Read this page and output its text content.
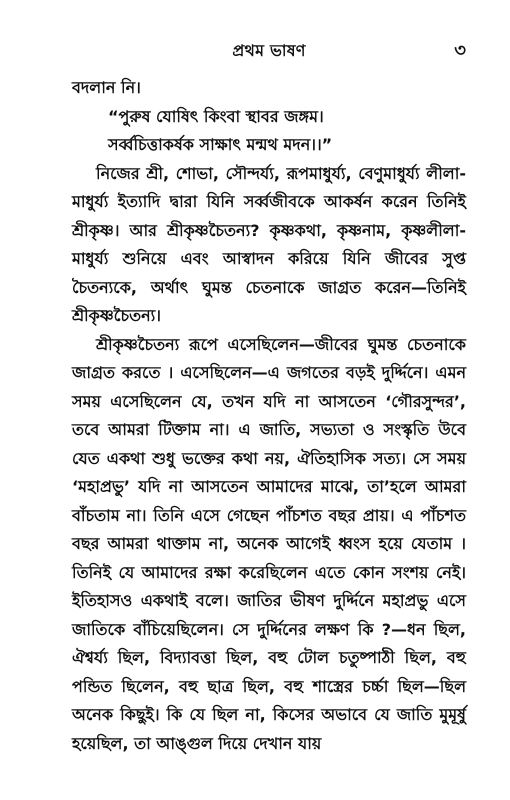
প্রথম ভাষণ	৩

বদলান নি।

“পুরুষ যোষিৎ কিংবা স্থাবর জঙ্গম।

সর্ব্বচিত্তাকর্ষক সাক্ষাৎ মন্মথ মদন।।”

নিজের শ্রী, শোভা, সৌন্দর্য্য, রূপমাধুর্য্য, বেণুমাধুর্য্য লীলা-মাধুর্য্য ইত্যাদি দ্বারা যিনি সর্ব্বজীবকে আকর্ষন করেন তিনিই শ্রীকৃষ্ণ। আর শ্রীকৃষ্ণচৈতন্য? কৃষ্ণকথা, কৃষ্ণনাম, কৃষ্ণলীলা-মাধুর্য্য শুনিয়ে এবং আস্বাদন করিয়ে যিনি জীবের সুপ্ত চৈতন্যকে, অর্থাৎ ঘুমন্ত চেতনাকে জাগ্রত করেন—তিনিই শ্রীকৃষ্ণচৈতন্য।

শ্রীকৃষ্ণচৈতন্য রূপে এসেছিলেন—জীবের ঘুমন্ত চেতনাকে জাগ্রত করতে । এসেছিলেন—এ জগতের বড়ই দুর্দ্দিনে। এমন সময় এসেছিলেন যে, তখন যদি না আসতেন ‘গৌরসুন্দর’, তবে আমরা টিক্তাম না। এ জাতি, সভ্যতা ও সংস্কৃতি উবে যেত একথা শুধু ভক্তের কথা নয়, ঐতিহাসিক সত্য। সে সময় ‘মহাপ্রভু’ যদি না আসতেন আমাদের মাঝে, তা’হলে আমরা বাঁচতাম না। তিনি এসে গেছেন পাঁচশত বছর প্রায়। এ পাঁচশত বছর আমরা থাক্তাম না, অনেক আগেই ধ্বংস হয়ে যেতাম । তিনিই যে আমাদের রক্ষা করেছিলেন এতে কোন সংশয় নেই। ইতিহাসও একথাই বলে। জাতির ভীষণ দুর্দ্দিনে মহাপ্রভু এসে জাতিকে বাঁচিয়েছিলেন। সে দুর্দ্দিনের লক্ষণ কি ?—ধন ছিল, ঐশ্বর্য্য ছিল, বিদ্যাবত্তা ছিল, বহু টোল চতুষ্পাঠী ছিল, বহু পন্ডিত ছিলেন, বহু ছাত্র ছিল, বহু শাস্ত্রের চর্চ্চা ছিল—ছিল অনেক কিছুই। কি যে ছিল না, কিসের অভাবে যে জাতি মুমূর্ষু হয়েছিল, তা আঙ্গুল দিয়ে দেখান যায়
